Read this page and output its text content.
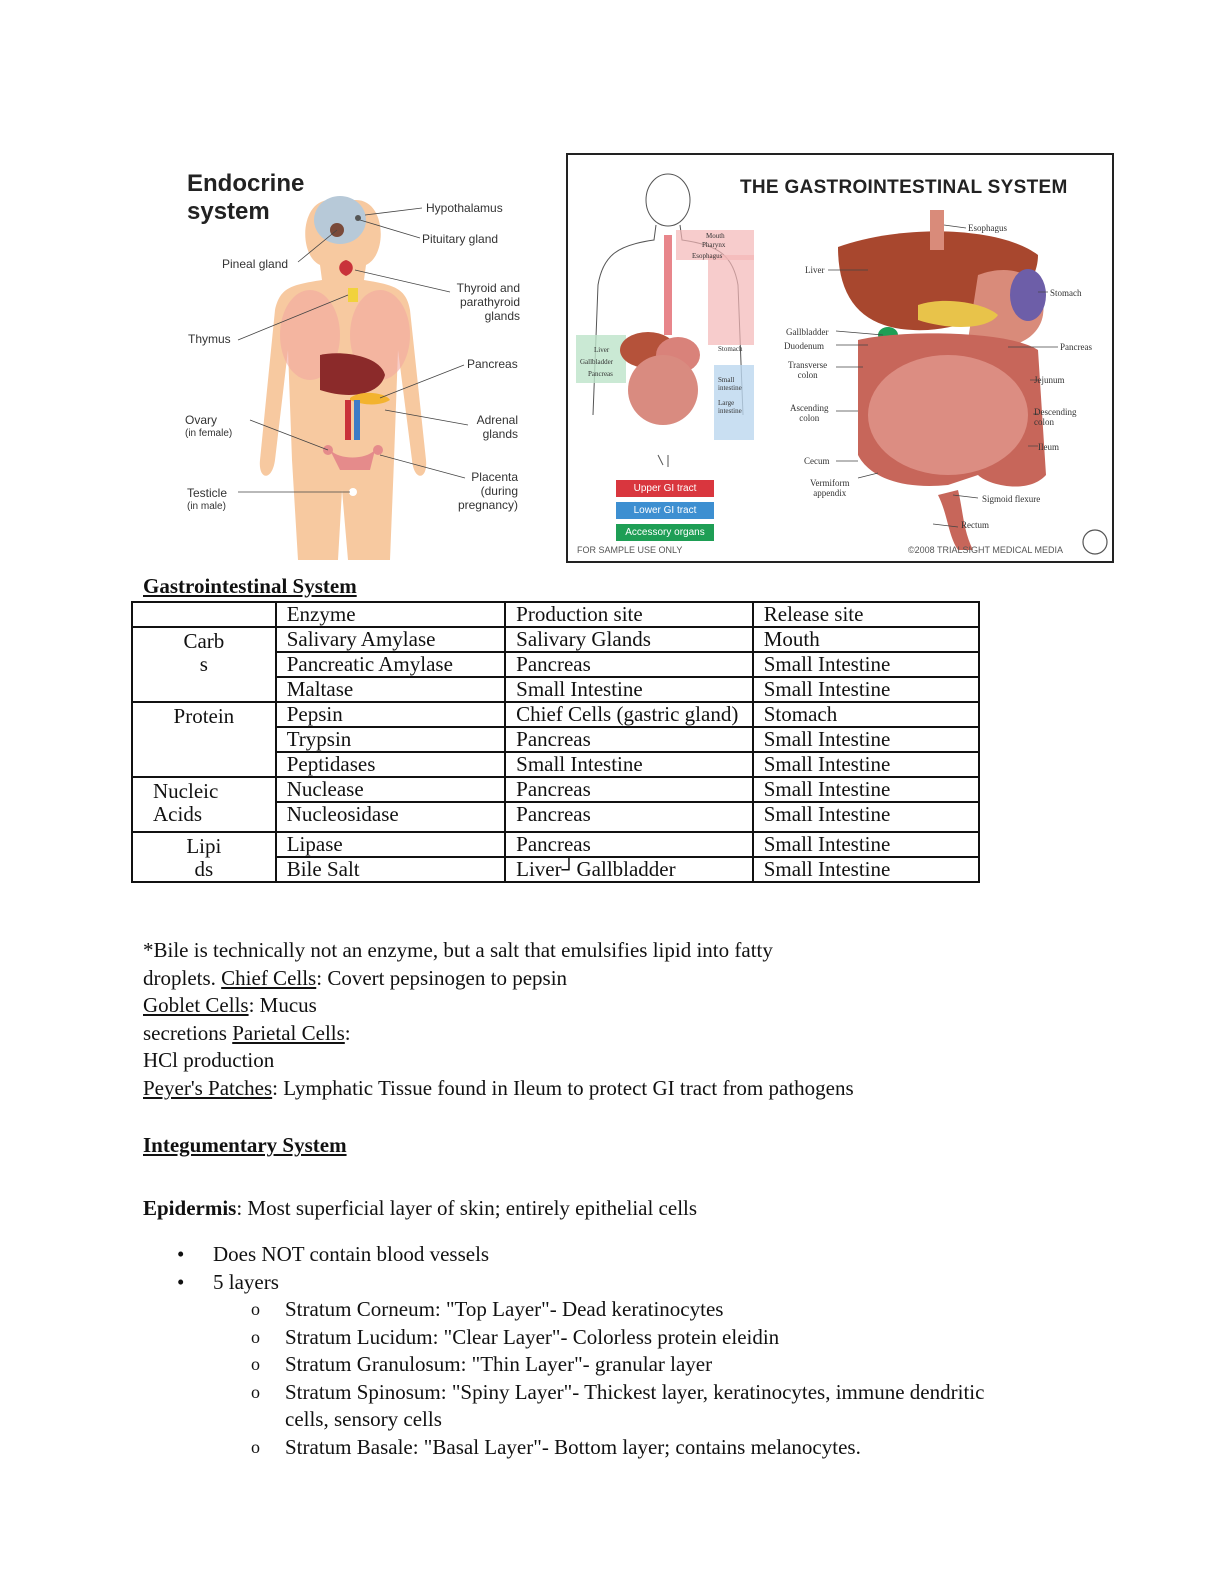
Endocrine
system	Hypothalamus
Pituitary gland
Pineal gland
Thyroid and
parathyroid
glands
Thymus
Pancreas
Ovary
(in female)
Adrenal
glands
Testicle
(in male)
Placenta
(during
pregnancy)
THE GASTROINTESTINAL SYSTEM
Mouth
Pharynx
Esophagus
Liver
Gallbladder
Pancreas
Stomach
Small
intestine
Large
intestine
Esophagus
Liver
Stomach
Gallbladder
Duodenum	Pancreas
Transverse
colon	Jejunum
Ascending
colon
Descending
colon
Ileum
Cecum
Vermiform
appendix
Sigmoid flexure
Rectum
Upper GI tract
Lower GI tract
Accessory organs
FOR SAMPLE USE ONLY	©2008 TRIALSIGHT MEDICAL MEDIA
Gastrointestinal System
	Enzyme	Production site	Release site
Carb
s	Salivary Amylase	Salivary Glands	Mouth
	Pancreatic Amylase	Pancreas	Small Intestine
	Maltase	Small Intestine	Small Intestine
Protein	Pepsin	Chief Cells (gastric gland)	Stomach
	Trypsin	Pancreas	Small Intestine
	Peptidases	Small Intestine	Small Intestine
Nucleic
Acids	Nuclease	Pancreas	Small Intestine
	Nucleosidase	Pancreas	Small Intestine
Lipi
ds	Lipase	Pancreas	Small Intestine
	Bile Salt	Liver┘Gallbladder	Small Intestine
*Bile is technically not an enzyme, but a salt that emulsifies lipid into fatty
droplets. Chief Cells: Covert pepsinogen to pepsin
Goblet Cells: Mucus
secretions Parietal Cells:
HCl production
Peyer's Patches: Lymphatic Tissue found in Ileum to protect GI tract from pathogens
Integumentary System
Epidermis: Most superficial layer of skin; entirely epithelial cells
• Does NOT contain blood vessels
• 5 layers
o Stratum Corneum: "Top Layer"- Dead keratinocytes
o Stratum Lucidum: "Clear Layer"- Colorless protein eleidin
o Stratum Granulosum: "Thin Layer"- granular layer
o Stratum Spinosum: "Spiny Layer"- Thickest layer, keratinocytes, immune dendritic cells, sensory cells
o Stratum Basale: "Basal Layer"- Bottom layer; contains melanocytes.
